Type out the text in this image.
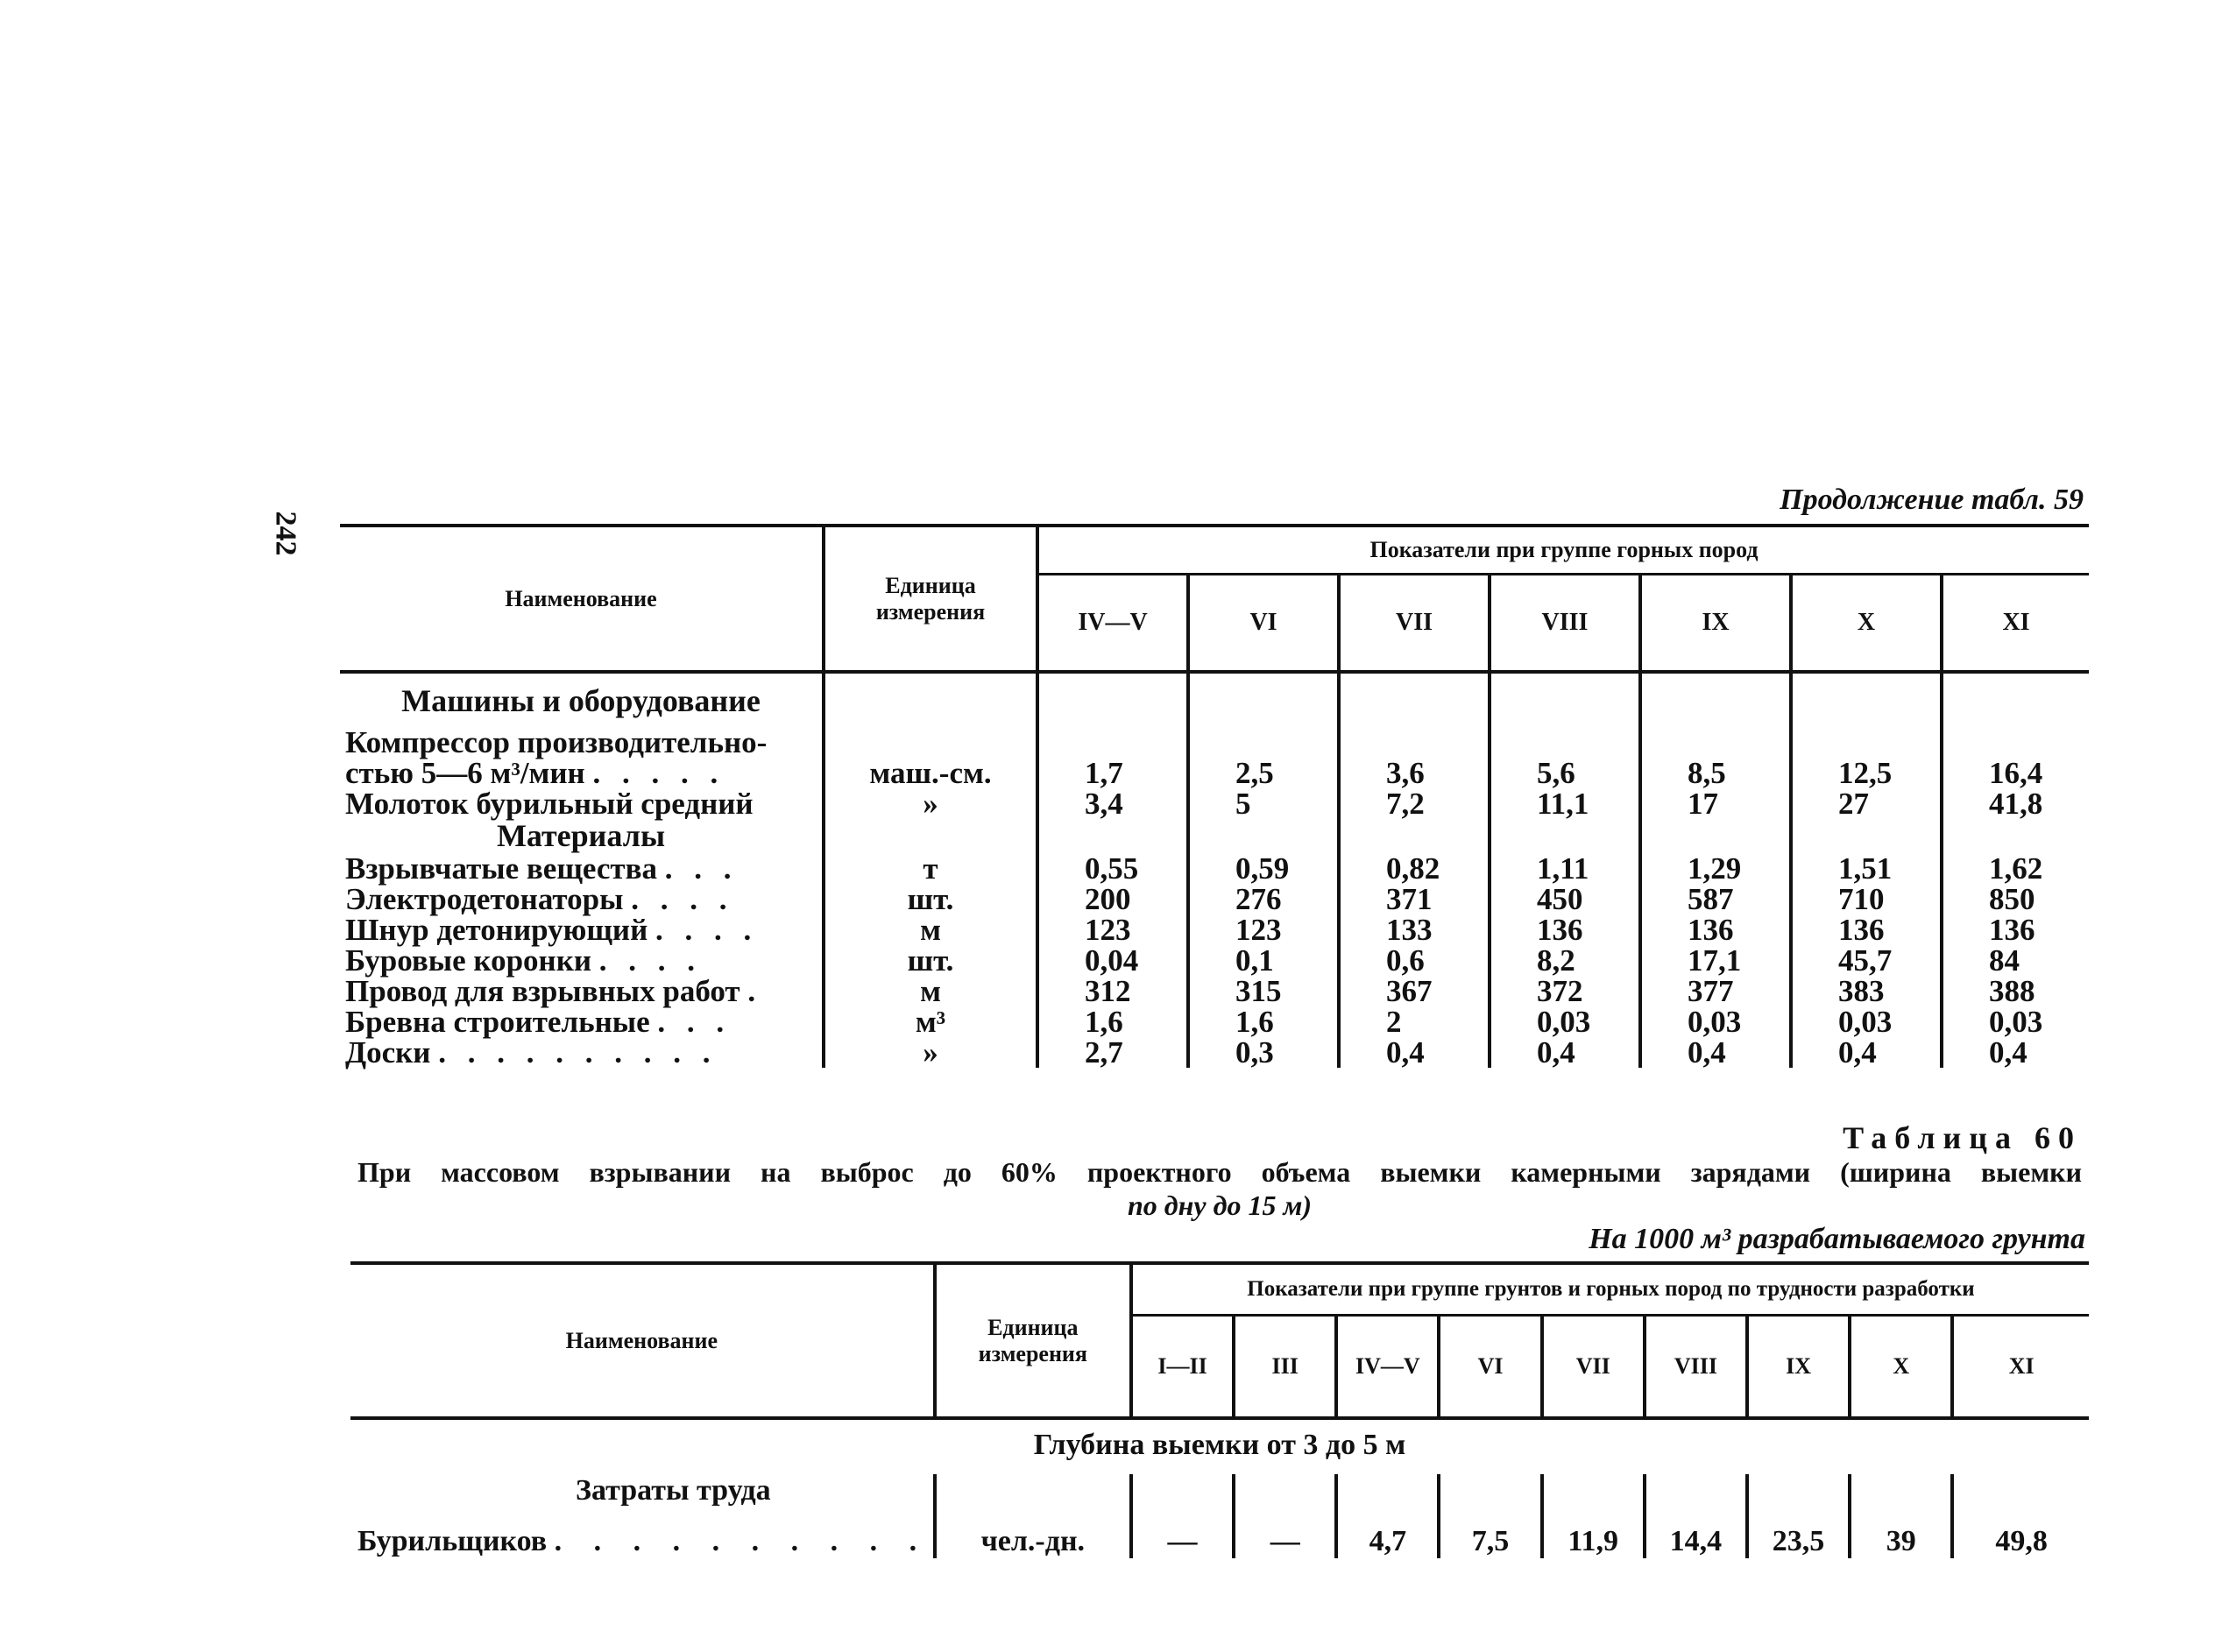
242
Продолжение табл. 59
Наименование	Единица измерения	Показатели при группе горных пород						
		IV—V	VI	VII	VIII	IX	X	XI
Машины и оборудование								

Компрессор производительно-
стью 5—6 м³/мин . . . . .	маш.-см.	1,7	2,5	3,6	5,6	8,5	12,5	16,4
Молоток бурильный средний	»	3,4	5	7,2	11,1	17	27	41,8
Материалы								
Взрывчатые вещества . . .	т	0,55	0,59	0,82	1,11	1,29	1,51	1,62
Электродетонаторы . . . .	шт.	200	276	371	450	587	710	850
Шнур детонирующий . . . .	м	123	123	133	136	136	136	136
Буровые коронки . . . .	шт.	0,04	0,1	0,6	8,2	17,1	45,7	84
Провод для взрывных работ .	м	312	315	367	372	377	383	388
Бревна строительные . . .	м³	1,6	1,6	2	0,03	0,03	0,03	0,03
Доски . . . . . . . . . .	»	2,7	0,3	0,4	0,4	0,4	0,4	0,4
Таблица 60
При массовом взрывании на выброс до 60% проектного объема выемки камерными зарядами (ширина выемки
по дну до 15 м)
На 1000 м³ разрабатываемого грунта
Наименование	Единица измерения	Показатели при группе грунтов и горных пород по трудности разработки								
		I—II	III	IV—V	VI	VII	VIII	IX	X	XI
Глубина выемки от 3 до 5 м										
Затраты труда										
Бурильщиков . . . . . . . . . .	чел.-дн.	—	—	4,7	7,5	11,9	14,4	23,5	39	49,8
